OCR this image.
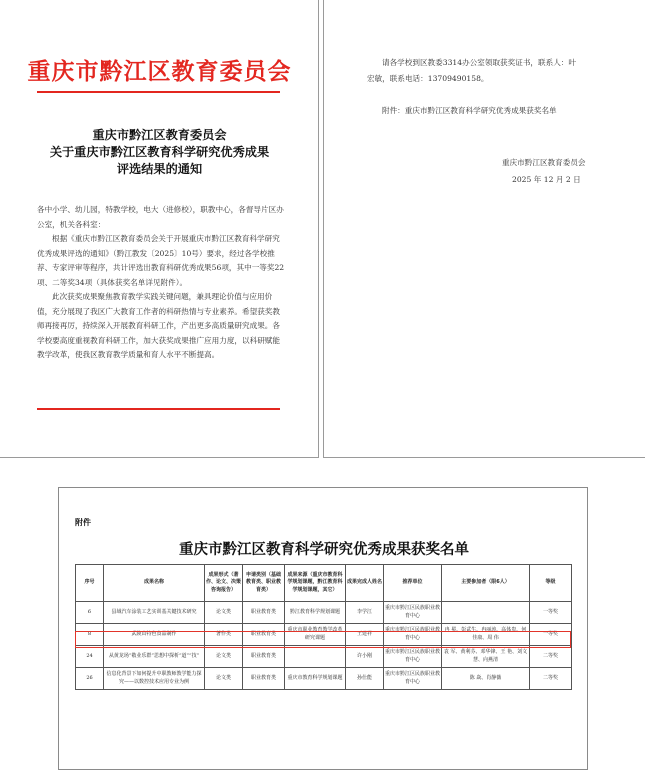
重庆市黔江区教育委员会
重庆市黔江区教育委员会
关于重庆市黔江区教育科学研究优秀成果
评选结果的通知

各中小学、幼儿园，特教学校，电大（进修校），职教中心，各督导片区办公室，机关各科室：

根据《重庆市黔江区教育委员会关于开展重庆市黔江区教育科学研究优秀成果评选的通知》（黔江教发〔2025〕10号）要求，经过各学校推荐、专家评审等程序，共计评选出教育科研优秀成果56项，其中一等奖22项、二等奖34项（具体获奖名单详见附件）。

此次获奖成果聚焦教育教学实践关键问题，兼具理论价值与应用价值，充分展现了我区广大教育工作者的科研热情与专业素养。希望获奖教师再接再厉，持续深入开展教育科研工作，产出更多高质量研究成果。各学校要高度重视教育科研工作，加大获奖成果推广应用力度，以科研赋能教学改革，使我区教育教学质量和育人水平不断提高。

请各学校到区教委3314办公室领取获奖证书，联系人：叶
宏敏，联系电话：13709490158。
附件：重庆市黔江区教育科学研究优秀成果获奖名单
重庆市黔江区教育委员会
2025 年 12 月 2 日
附件
重庆市黔江区教育科学研究优秀成果获奖名单
序号	成果名称	成果形式（著作、论文、决策咨询报告）	申请类别（基础教育类、职业教育类）	成果来源（重庆市教育科学规划课题，黔江教育科学规划课题，其它）	成果完成人姓名	推荐单位	主要参加者（限6人）	等级
6	县域汽车涂装工艺实训基关键技术研究	论文类	职业教育类	黔江教育科学规划课题	李学江	重庆市黔江区民族职业教育中心		一等奖
8	武陵山特色食品制作	著作类	职业教育类	重庆市职业教育教学改革研究课题	王建祥	重庆市黔江区民族职业教育中心	冉 冕、彭武生、冉丽涛、高体贵、何佳康、周 伟	一等奖
24	从黄龙场“敬业乐群”思想中探析“道”“技”	论文类	职业教育类		许小刚	重庆市黔江区民族职业教育中心	袁 军、黄利芬、邓华锋、王 艳、刘文慧、向燕清	二等奖
26	信息化背景下如何提升中职教师教学能力探究——以数控技术应用专业为例	论文类	职业教育类	重庆市教育科学规划课题	孙仕能	重庆市黔江区民族职业教育中心	陈 焱、肖静薇	二等奖
